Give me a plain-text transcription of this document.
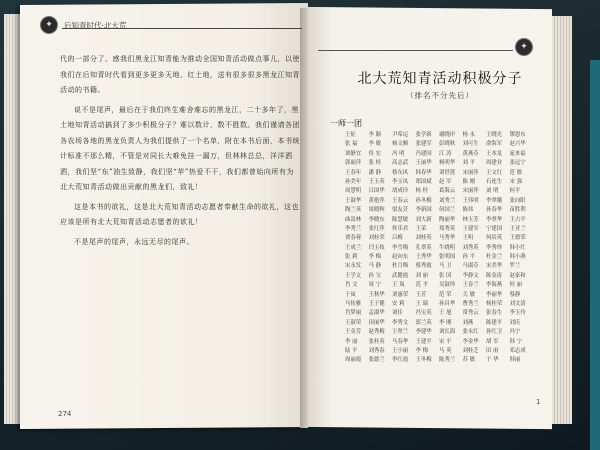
✦	后知青时代·北大荒

代的一部分了。感我们黑龙江知青能为推动全国知青活动做点事儿，以使我们在后知青时代看到更多更多天地、红土地，送有很多很多黑龙江知青活动的书籍。

说不是尾声，最后在于我们终生难舍难忘的黑龙江，二十多年了，黑土地知青活动搞到了多少积极分子？难以数计，数不胜数。我们谨请各团各农场各地的黑龙负责人为我们提供了一个名单，附在本书后面，本书统计标准不那么精，不管是对同长大难免挂一漏万，但林林总总，洋洋洒洒，我们坚“东”油生致静，我们坚“苹”热爱不干，我们都曾始向所有为北大荒知青活动做出贡献的黑龙们，致礼！

这是本书的欲礼，这是北大荒知青活动志愿者奉献生命的欲礼，这也应该是所有北大荒知青活动志愿者的欲礼！

不是尾声的尾声，永远无尽的尾声。

274
✦
北大荒知青活动积极分子
（排名不分先后）
一师一团
王征	李 颖	尹希运	张学新	谢晓岸	杨 永	王晓光	缪恩东
张 福	李 敏	杨文顺	张建军	彭晓秋	刘可生	俞海军	赵兴华
刘静宜	佟 宏	冯 明	冯建国	江 涛	黄燕芬	王本龙	庞来福
郭丽萍	张 桂	高志武	王丽华	杨明华	刘 平	周建业	张远宁
王春年	潘 静	蔡东风	韩春华	刘世莲	宋丽萍	王文红	范 敏
孙美年	王玉英	李玉凤	郑国斌	赵 军	陈 刚	石连生	宋 强
周慧明	吕国华	胡成玲	杨 桂	葛海云	宋丽萍	刘 明	何平
王淑华	黄艳萍	王春云	孙冬梅	刘秀兰	王伟明	李翠娥	张向阳
陶兰英	周晓辉	梁友芳	李新国	何国兰	陈伟	孙春华	苗胜利
曲嵩林	李晓东	陈慧敏	刘大新	陶丽华	林玉芳	李翠华	王占平
李秀兰	张红萍	佟乐君	王茉	郑秀英	王建军	宁建国	王亚兰
贾春蓉	刘桂荣	吕梅	刘桂英	马秀华	王明	何培英	王德荣
王成兰	闫玉枝	李雪梅	孔翠英	牛晓明	刘秀英	李秀珍	韩小红
张 莉	李 梅	赵向东	王秀华	张明国	孙 平	杜金兰	韩小燕
宋永发	马 静	杜月梅	蔡秀霞	马 卫	马淑芬	宋美华	罗兰
王学文	孙 宝	武健霞	刘 丽	张 国	李静文	陈金涛	赵家和
肖 文	周 宁	王 岚	范 平	吴淑珍	王春兰	李海燕	何 丽
于岚	王秋华	刘惠荣	王芳	范 荣	关 敏	李丽华	蔡静
马传雅	王子健	安 莉	王 瑞	孙昌华	曹秀兰	杨桂荣	刘文清
肖梦丽	孟淑华	刘佳	冯宝英	王 旭	常秀云	张春生	李玉玲
王淑荣	田丽华	李秀文	郭兰英	李 刚	刘燕	陈建平	刘庆
王金芳	赵秀梅	王翠兰	李建华	刘长海	张永红	孙红卫	冯宁
李 丽	张桂英	马春华	王建平	宋 平	李金华	胡 军	韩 宁
陆 平	刘秀春	王小丽	李 梅	马 英	刘桂芝	田 雨	邓志成
周丽霞	张德兰	李红霞	王冬梅	陈秀兰	苏 敏	于 华	韩丽
1
